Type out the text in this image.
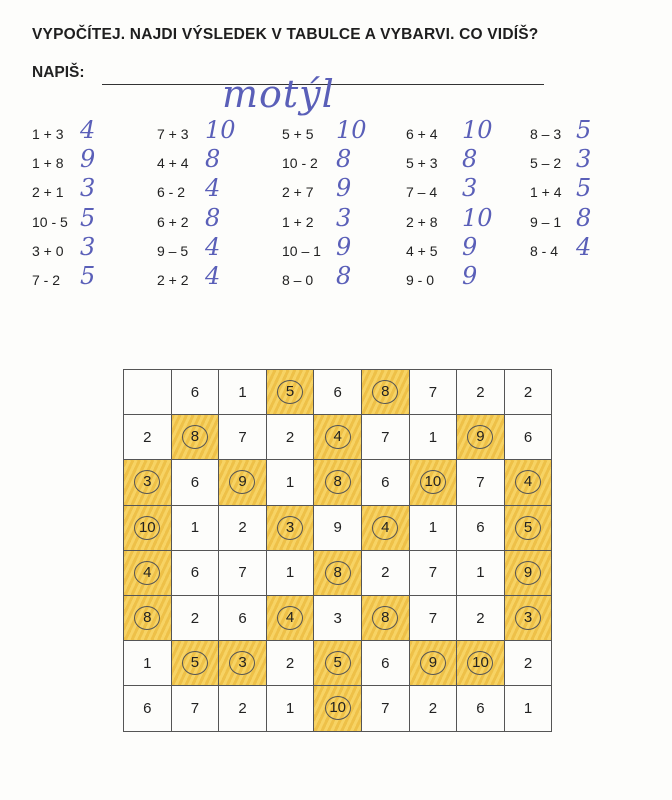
VYPOČÍTEJ. NAJDI VÝSLEDEK V TABULCE A VYBARVI. CO VIDÍŠ?
NAPIŠ:	motýl
1 + 3 4
1 + 8 9
2 + 1 3
10 - 5 5
3 + 0 3
7 - 2 5
7 + 3 10
4 + 4 8
6 - 2 4
6 + 2 8
9 – 5 4
2 + 2 4
5 + 5 10
10 - 2 8
2 + 7 9
1 + 2 3
10 – 1 9
8 – 0 8
6 + 4 10
5 + 3 8
7 – 4 3
2 + 8 10
4 + 5 9
9 - 0 9
8 – 3 5
5 – 2 3
1 + 4 5
9 – 1 8
8 - 4 4
	6	1	5	6	8	7	2	2
2	8	7	2	4	7	1	9	6
3	6	9	1	8	6	10	7	4
10	1	2	3	9	4	1	6	5
4	6	7	1	8	2	7	1	9
8	2	6	4	3	8	7	2	3
1	5	3	2	5	6	9	10	2
6	7	2	1	10	7	2	6	1
